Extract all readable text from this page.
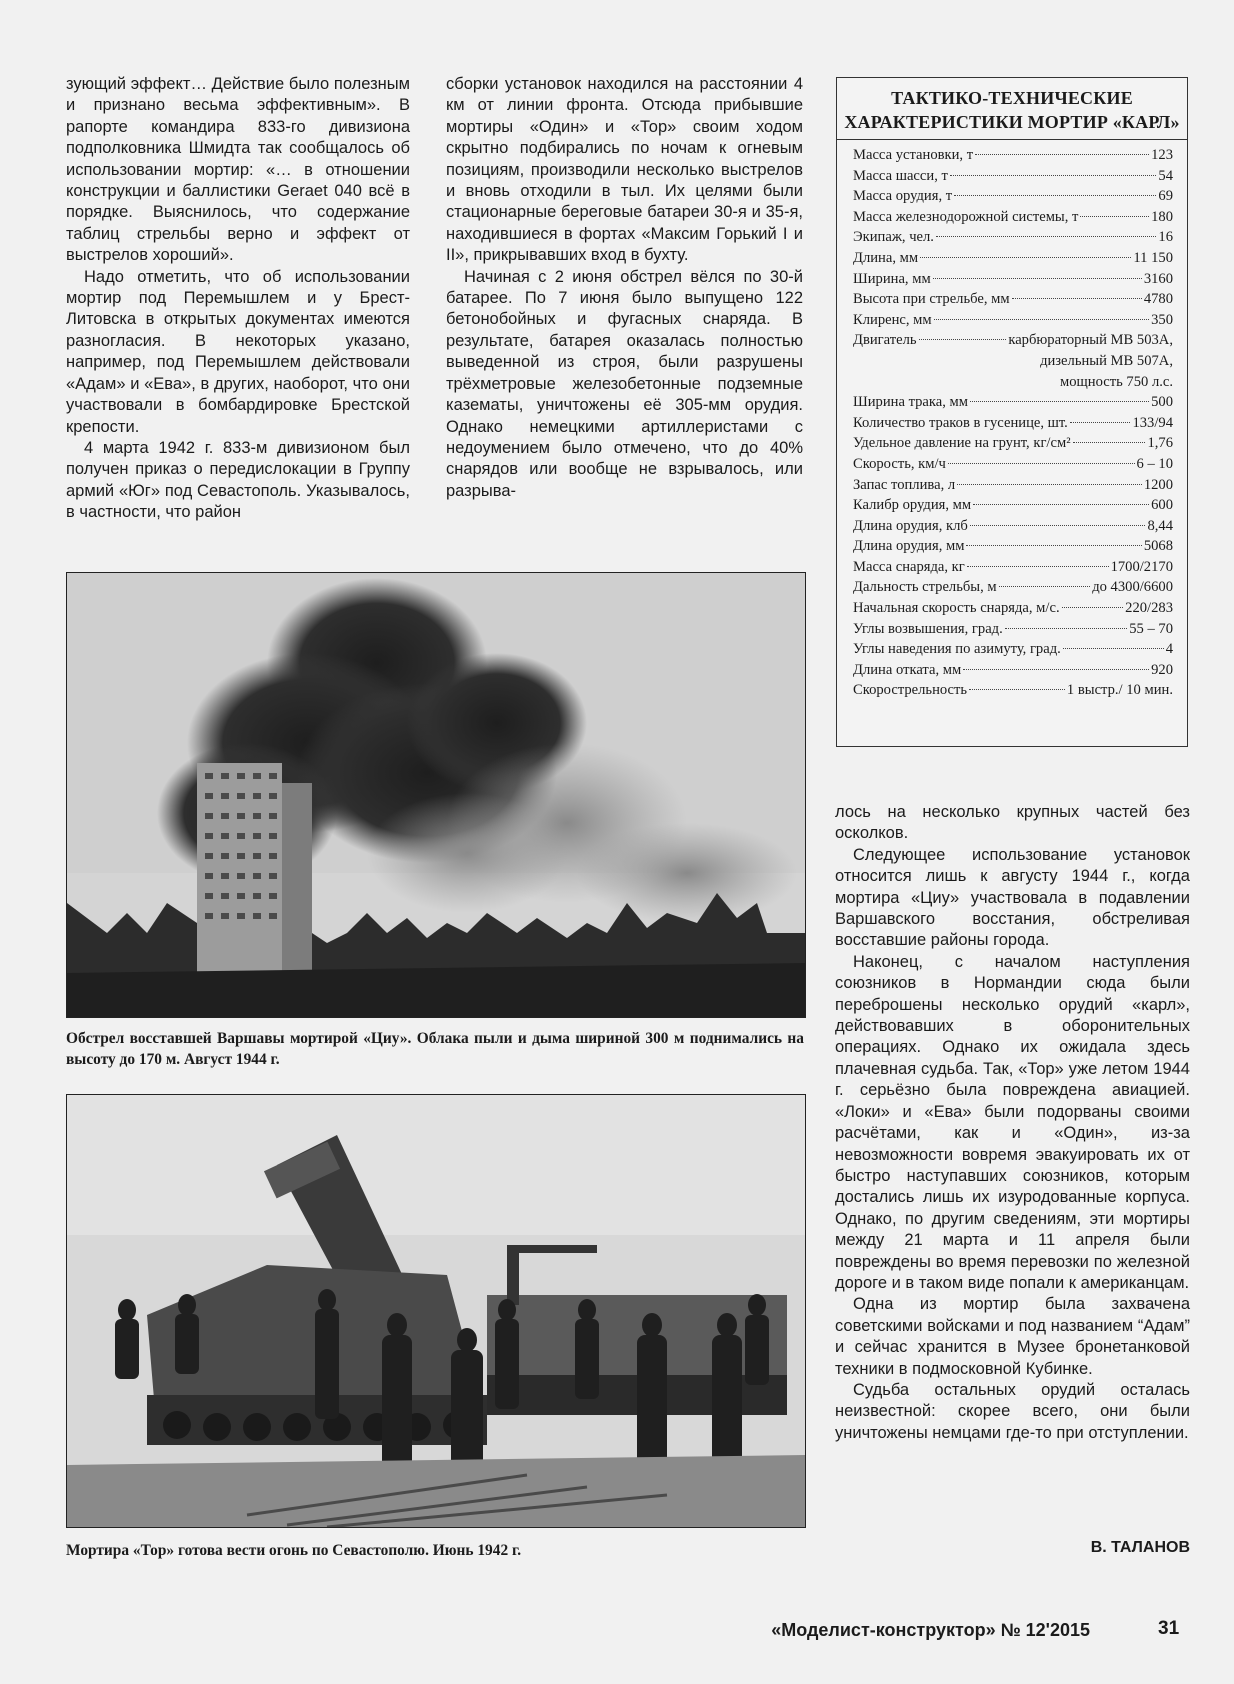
зующий эффект… Действие было полезным и признано весьма эффективным». В рапорте командира 833-го дивизиона подполковника Шмидта так сообщалось об использовании мортир: «… в отношении конструкции и баллистики Geraet 040 всё в порядке. Выяснилось, что содержание таблиц стрельбы верно и эффект от выстрелов хороший».

Надо отметить, что об использовании мортир под Перемышлем и у Брест-Литовска в открытых документах имеются разногласия. В некоторых указано, например, под Перемышлем действовали «Адам» и «Ева», в других, наоборот, что они участвовали в бомбардировке Брестской крепости.

4 марта 1942 г. 833-м дивизионом был получен приказ о передислокации в Группу армий «Юг» под Севастополь. Указывалось, в частности, что район

сборки установок находился на расстоянии 4 км от линии фронта. Отсюда прибывшие мортиры «Один» и «Тор» своим ходом скрытно подбирались по ночам к огневым позициям, производили несколько выстрелов и вновь отходили в тыл. Их целями были стационарные береговые батареи 30-я и 35-я, находившиеся в фортах «Максим Горький I и II», прикрывавших вход в бухту.

Начиная с 2 июня обстрел вёлся по 30-й батарее. По 7 июня было выпущено 122 бетонобойных и фугасных снаряда. В результате, батарея оказалась полностью выведенной из строя, были разрушены трёхметровые железобетонные подземные казематы, уничтожены её 305-мм орудия. Однако немецкими артиллеристами с недоумением было отмечено, что до 40% снарядов или вообще не взрывалось, или разрыва-

ТАКТИКО-ТЕХНИЧЕСКИЕ ХАРАКТЕРИСТИКИ МОРТИР «КАРЛ»
Масса установки, т	123
Масса шасси, т	54
Масса орудия, т	69
Масса железнодорожной системы, т	180
Экипаж, чел.	16
Длина, мм	11 150
Ширина, мм	3160
Высота при стрельбе, мм	4780
Клиренс, мм	350
Двигатель	карбюраторный MB 503A,
дизельный MB 507A,
мощность 750 л.с.
Ширина трака, мм	500
Количество траков в гусенице, шт.	133/94
Удельное давление на грунт, кг/см²	1,76
Скорость, км/ч	6 – 10
Запас топлива, л	1200
Калибр орудия, мм	600
Длина орудия, клб	8,44
Длина орудия, мм	5068
Масса снаряда, кг	1700/2170
Дальность стрельбы, м	до 4300/6600
Начальная скорость снаряда, м/с.	220/283
Углы возвышения, град.	55 – 70
Углы наведения по азимуту, град.	4
Длина отката, мм	920
Скорострельность	1 выстр./ 10 мин.
Обстрел восставшей Варшавы мортирой «Циу». Облака пыли и дыма шириной 300 м поднимались на высоту до 170 м. Август 1944 г.
Мортира «Тор» готова вести огонь по Севастополю. Июнь 1942 г.

лось на несколько крупных частей без осколков.

Следующее использование установок относится лишь к августу 1944 г., когда мортира «Циу» участвовала в подавлении Варшавского восстания, обстреливая восставшие районы города.

Наконец, с началом наступления союзников в Нормандии сюда были переброшены несколько орудий «карл», действовавших в оборонительных операциях. Однако их ожидала здесь плачевная судьба. Так, «Тор» уже летом 1944 г. серьёзно была повреждена авиацией. «Локи» и «Ева» были подорваны своими расчётами, как и «Один», из-за невозможности вовремя эвакуировать их от быстро наступавших союзников, которым достались лишь их изуродованные корпуса. Однако, по другим сведениям, эти мортиры между 21 марта и 11 апреля были повреждены во время перевозки по железной дороге и в таком виде попали к американцам.

Одна из мортир была захвачена советскими войсками и под названием “Адам” и сейчас хранится в Музее бронетанковой техники в подмосковной Кубинке.

Судьба остальных орудий осталась неизвестной: скорее всего, они были уничтожены немцами где-то при отступлении.

В. ТАЛАНОВ
«Моделист-конструктор» № 12'2015	31
